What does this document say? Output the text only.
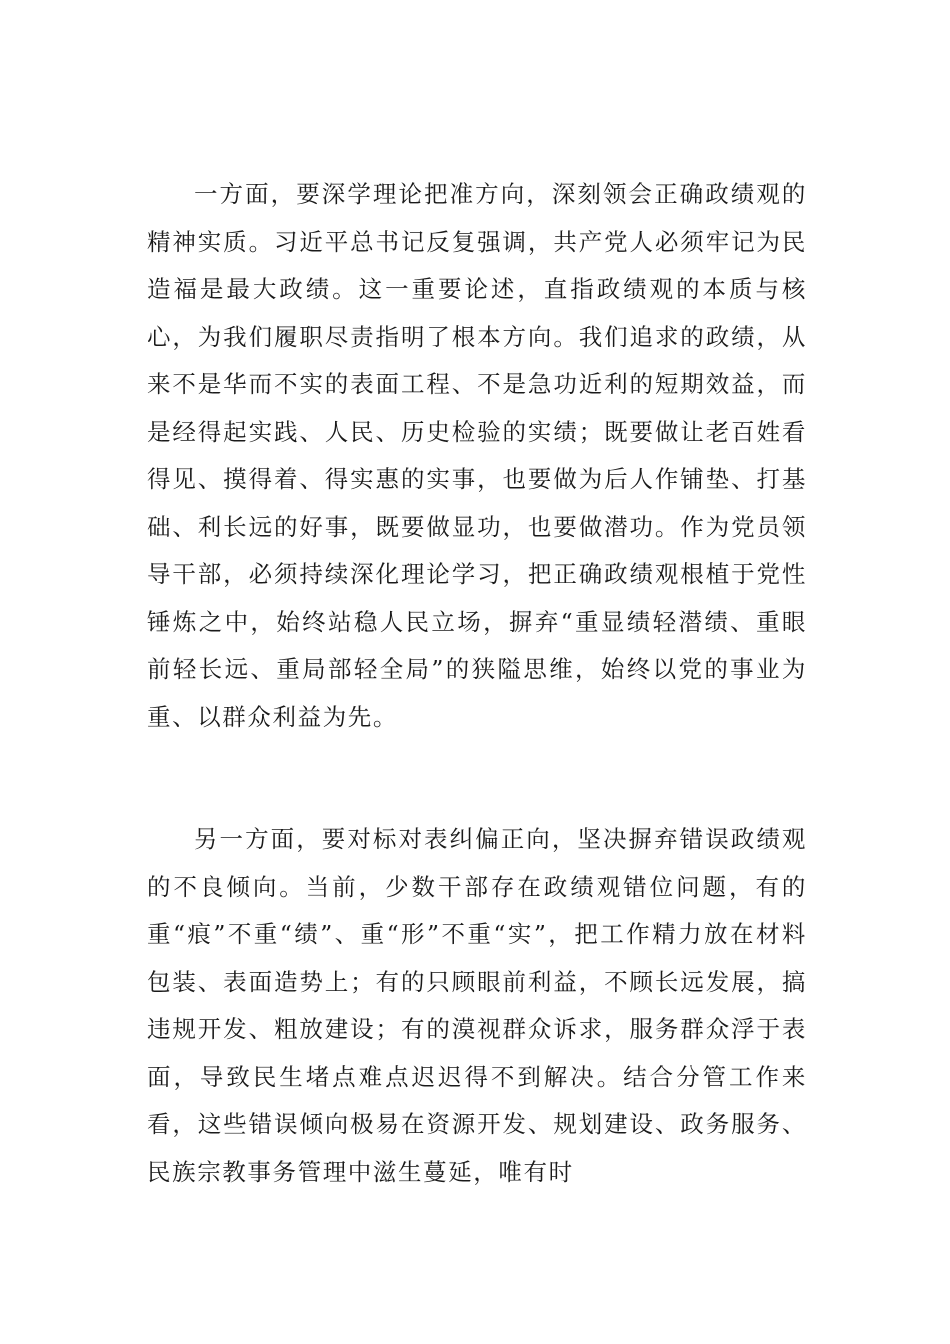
一方面，要深学理论把准方向，深刻领会正确政绩观的精神实质。习近平总书记反复强调，共产党人必须牢记为民造福是最大政绩。这一重要论述，直指政绩观的本质与核心，为我们履职尽责指明了根本方向。我们追求的政绩，从来不是华而不实的表面工程、不是急功近利的短期效益，而是经得起实践、人民、历史检验的实绩；既要做让老百姓看得见、摸得着、得实惠的实事，也要做为后人作铺垫、打基础、利长远的好事，既要做显功，也要做潜功。作为党员领导干部，必须持续深化理论学习，把正确政绩观根植于党性锤炼之中，始终站稳人民立场，摒弃“重显绩轻潜绩、重眼前轻长远、重局部轻全局”的狭隘思维，始终以党的事业为重、以群众利益为先。

另一方面，要对标对表纠偏正向，坚决摒弃错误政绩观的不良倾向。当前，少数干部存在政绩观错位问题，有的重“痕”不重“绩”、重“形”不重“实”，把工作精力放在材料包装、表面造势上；有的只顾眼前利益，不顾长远发展，搞违规开发、粗放建设；有的漠视群众诉求，服务群众浮于表面，导致民生堵点难点迟迟得不到解决。结合分管工作来看，这些错误倾向极易在资源开发、规划建设、政务服务、民族宗教事务管理中滋生蔓延，唯有时
